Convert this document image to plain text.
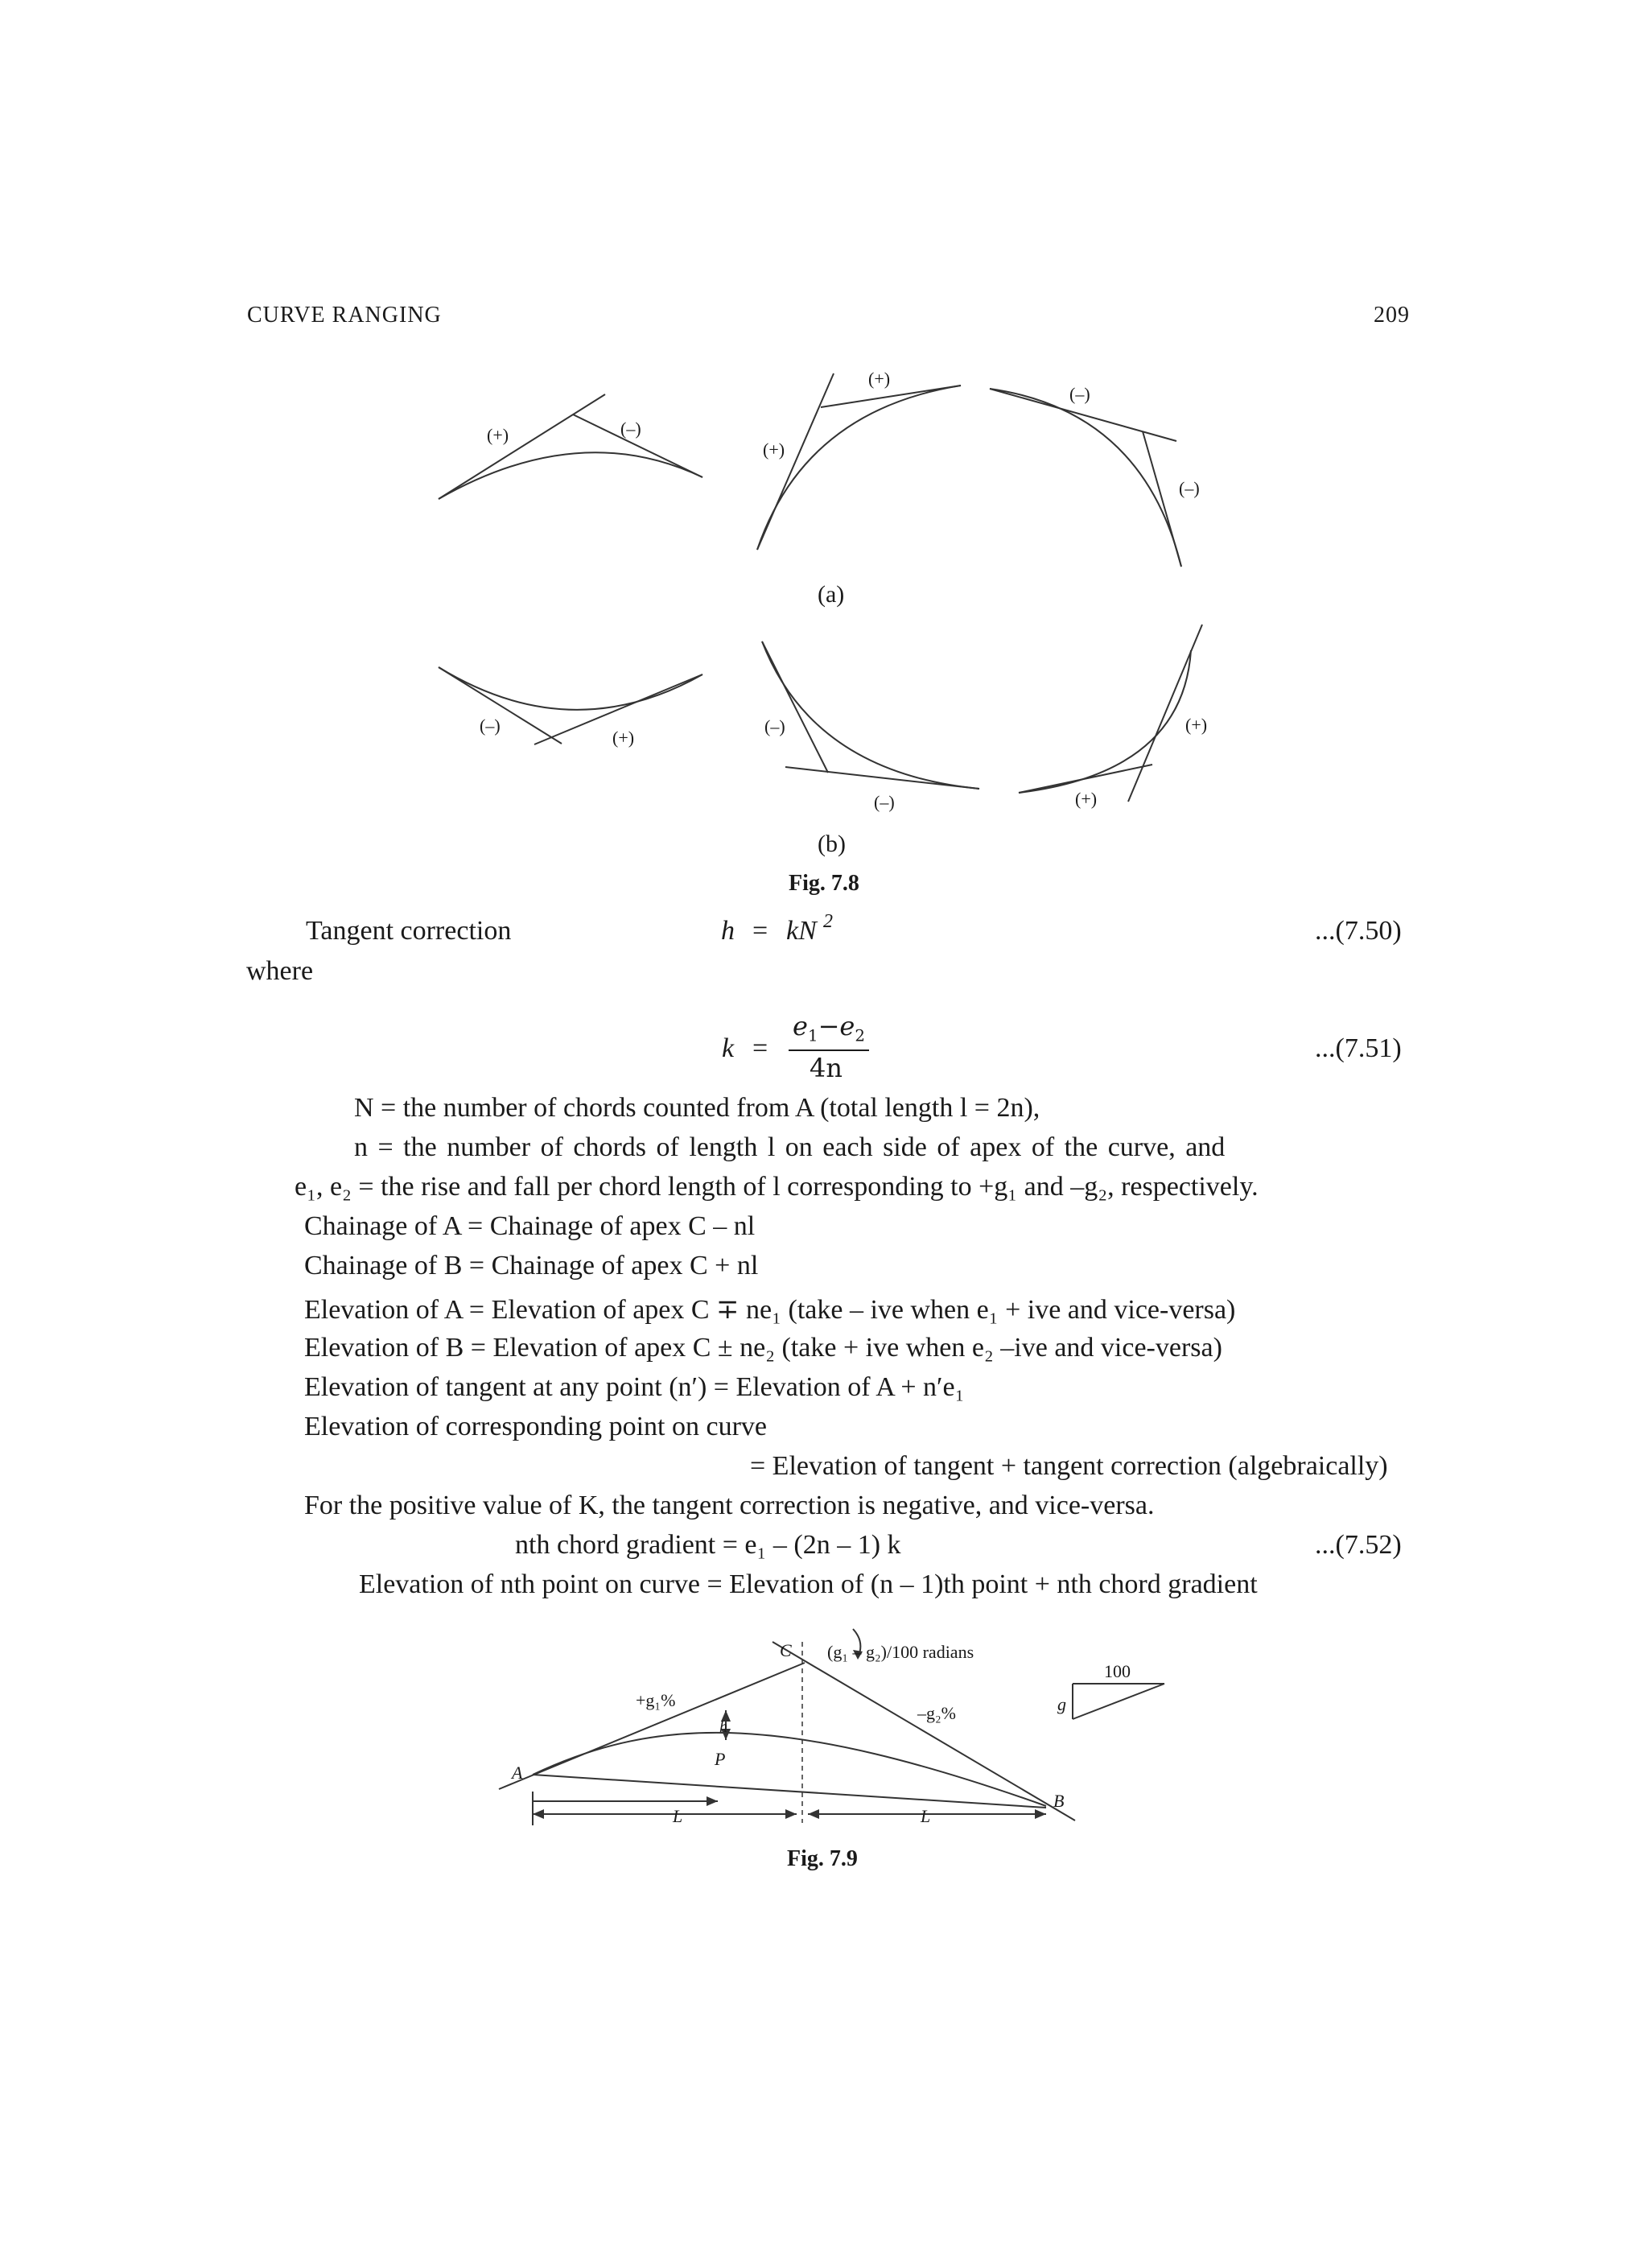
CURVE RANGING	209
(+)	(–)
(+)
(+)
(–)
(–)
(–)
(+)
(–)
(–)	(+)
(+)
(a)
(b)
Fig. 7.8
Tangent correction	h = kN 2	...(7.50)
where
k =
$e_1-e_2$
4n
...(7.51)
N = the number of chords counted from A (total length l = 2n),
n = the number of chords of length l on each side of apex of the curve, and
e₁, e₂ = the rise and fall per chord length of l corresponding to +g₁ and –g₂, respectively.
Chainage of A = Chainage of apex C – nl
Chainage of B = Chainage of apex C + nl
Elevation of A = Elevation of apex C ∓ ne₁ (take – ive when e₁ + ive and vice-versa)
Elevation of B = Elevation of apex C ± ne₂ (take + ive when e₂ –ive and vice-versa)
Elevation of tangent at any point (n′) = Elevation of A + n′e₁
Elevation of corresponding point on curve
= Elevation of tangent + tangent correction (algebraically)
For the positive value of K, the tangent correction is negative, and vice-versa.
nth chord gradient = e₁ – (2n – 1) k	...(7.52)
Elevation of nth point on curve = Elevation of (n – 1)th point + nth chord gradient
C
A
B
P
h
+g₁%
–g₂%
(g₁ – g₂)/100 radians
L	L
100
g
Fig. 7.9
